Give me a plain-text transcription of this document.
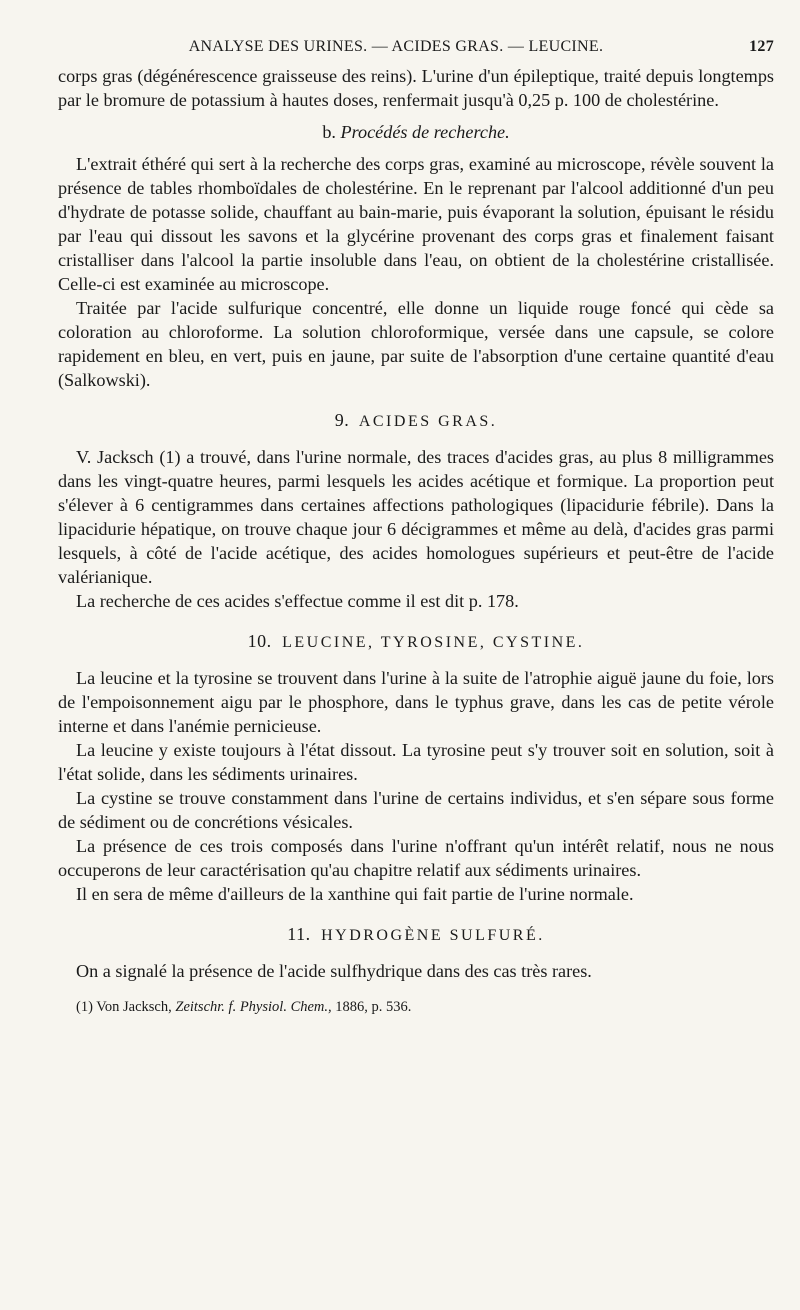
ANALYSE DES URINES. — ACIDES GRAS. — LEUCINE.	127

corps gras (dégénérescence graisseuse des reins). L'urine d'un épileptique, traité depuis longtemps par le bromure de potassium à hautes doses, renfermait jusqu'à 0,25 p. 100 de cholestérine.

b. Procédés de recherche.

L'extrait éthéré qui sert à la recherche des corps gras, examiné au microscope, révèle souvent la présence de tables rhomboïdales de cholestérine. En le reprenant par l'alcool additionné d'un peu d'hydrate de potasse solide, chauffant au bain-marie, puis évaporant la solution, épuisant le résidu par l'eau qui dissout les savons et la glycérine provenant des corps gras et finalement faisant cristalliser dans l'alcool la partie insoluble dans l'eau, on obtient de la cholestérine cristallisée. Celle-ci est examinée au microscope.

Traitée par l'acide sulfurique concentré, elle donne un liquide rouge foncé qui cède sa coloration au chloroforme. La solution chloroformique, versée dans une capsule, se colore rapidement en bleu, en vert, puis en jaune, par suite de l'absorption d'une certaine quantité d'eau (Salkowski).

9. ACIDES GRAS.

V. Jacksch (1) a trouvé, dans l'urine normale, des traces d'acides gras, au plus 8 milligrammes dans les vingt-quatre heures, parmi lesquels les acides acétique et formique. La proportion peut s'élever à 6 centigrammes dans certaines affections pathologiques (lipacidurie fébrile). Dans la lipacidurie hépatique, on trouve chaque jour 6 décigrammes et même au delà, d'acides gras parmi lesquels, à côté de l'acide acétique, des acides homologues supérieurs et peut-être de l'acide valérianique.

La recherche de ces acides s'effectue comme il est dit p. 178.

10. LEUCINE, TYROSINE, CYSTINE.

La leucine et la tyrosine se trouvent dans l'urine à la suite de l'atrophie aiguë jaune du foie, lors de l'empoisonnement aigu par le phosphore, dans le typhus grave, dans les cas de petite vérole interne et dans l'anémie pernicieuse.

La leucine y existe toujours à l'état dissout. La tyrosine peut s'y trouver soit en solution, soit à l'état solide, dans les sédiments urinaires.

La cystine se trouve constamment dans l'urine de certains individus, et s'en sépare sous forme de sédiment ou de concrétions vésicales.

La présence de ces trois composés dans l'urine n'offrant qu'un intérêt relatif, nous ne nous occuperons de leur caractérisation qu'au chapitre relatif aux sédiments urinaires.

Il en sera de même d'ailleurs de la xanthine qui fait partie de l'urine normale.

11. HYDROGÈNE SULFURÉ.

On a signalé la présence de l'acide sulfhydrique dans des cas très rares.

(1) Von Jacksch, Zeitschr. f. Physiol. Chem., 1886, p. 536.
